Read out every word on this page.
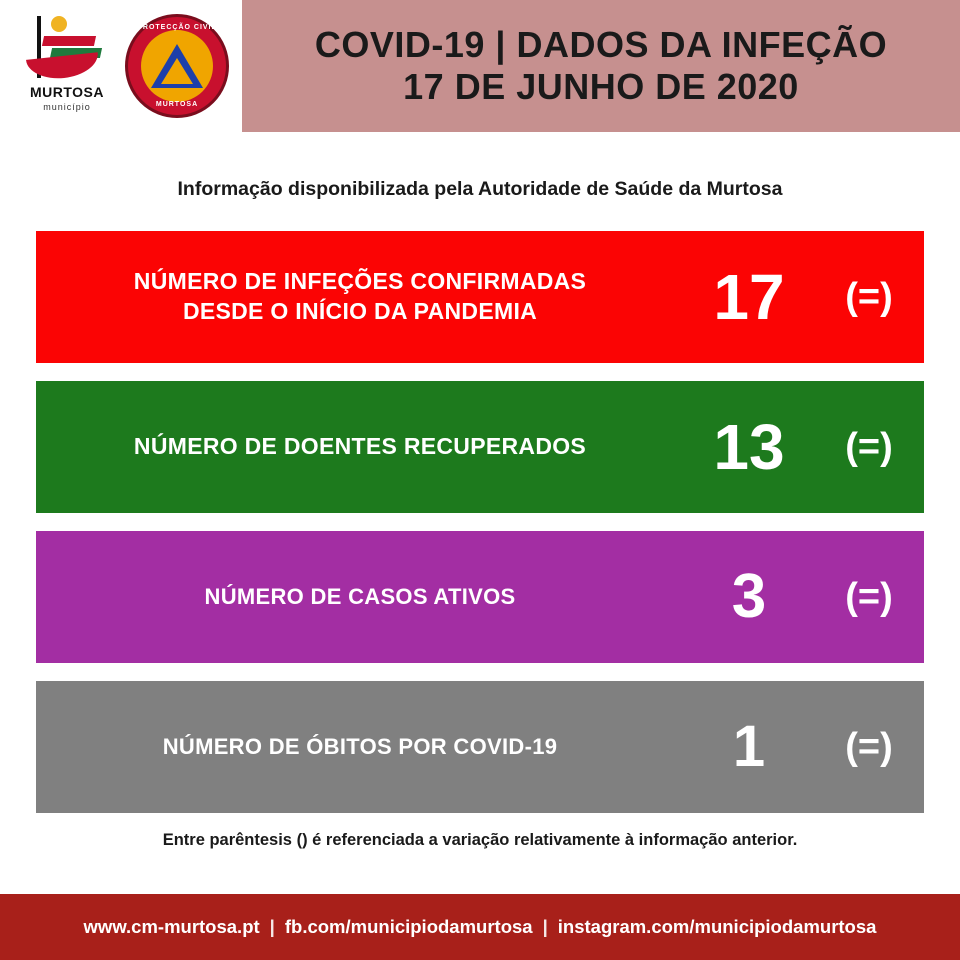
MURTOSA
município
PROTECÇÃO CIVIL
MURTOSA
COVID-19 | DADOS DA INFEÇÃO
17 DE JUNHO DE 2020
Informação disponibilizada pela Autoridade de Saúde da Murtosa
NÚMERO DE INFEÇÕES CONFIRMADAS
DESDE O INÍCIO DA PANDEMIA	17	(=)
NÚMERO DE DOENTES RECUPERADOS	13	(=)
NÚMERO DE CASOS ATIVOS	3	(=)
NÚMERO DE ÓBITOS POR COVID-19	1	(=)
Entre parêntesis () é referenciada a variação relativamente à informação anterior.
www.cm-murtosa.pt | fb.com/municipiodamurtosa | instagram.com/municipiodamurtosa
